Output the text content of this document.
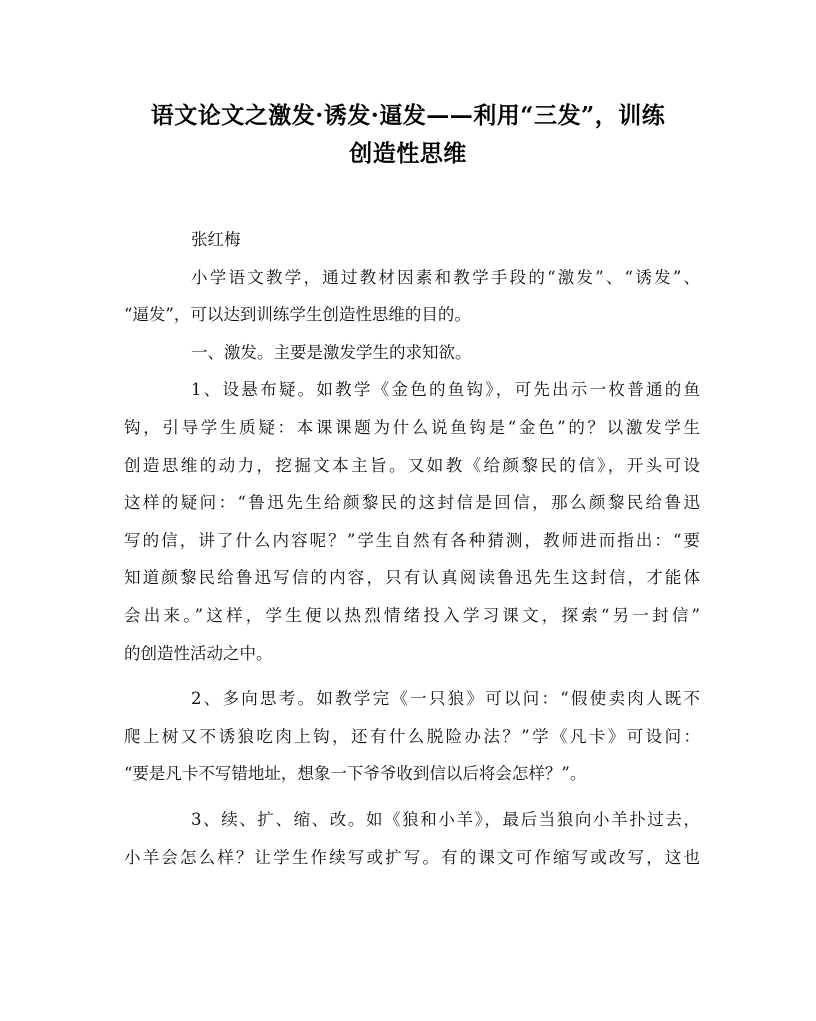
语文论文之激发·诱发·逼发——利用“三发”，训练
创造性思维
张红梅
小学语文教学，通过教材因素和教学手段的“激发”、“诱发”、
“逼发”，可以达到训练学生创造性思维的目的。
一、激发。主要是激发学生的求知欲。
1、设悬布疑。如教学《金色的鱼钩》，可先出示一枚普通的鱼
钩，引导学生质疑：本课课题为什么说鱼钩是“金色”的？以激发学生
创造思维的动力，挖掘文本主旨。又如教《给颜黎民的信》，开头可设
这样的疑问：“鲁迅先生给颜黎民的这封信是回信，那么颜黎民给鲁迅
写的信，讲了什么内容呢？”学生自然有各种猜测，教师进而指出：“要
知道颜黎民给鲁迅写信的内容，只有认真阅读鲁迅先生这封信，才能体
会出来。”这样，学生便以热烈情绪投入学习课文，探索“另一封信”
的创造性活动之中。
2、多向思考。如教学完《一只狼》可以问：“假使卖肉人既不
爬上树又不诱狼吃肉上钩，还有什么脱险办法？”学《凡卡》可设问：
“要是凡卡不写错地址，想象一下爷爷收到信以后将会怎样？”。
3、续、扩、缩、改。如《狼和小羊》，最后当狼向小羊扑过去，
小羊会怎么样？让学生作续写或扩写。有的课文可作缩写或改写，这也
